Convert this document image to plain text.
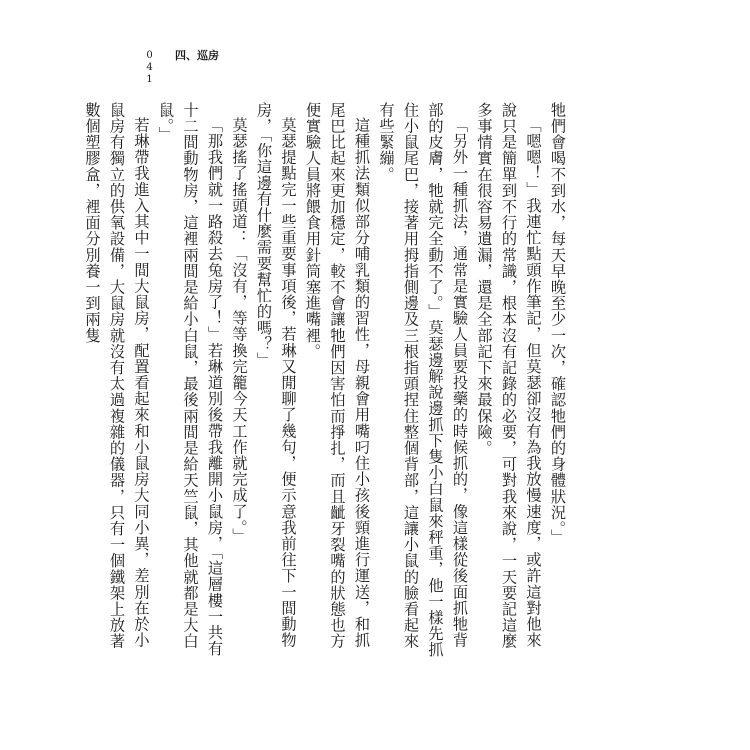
041 四、巡房

牠們會喝不到水，每天早晚至少一次，確認牠們的身體狀況。」

「嗯嗯！」我連忙點頭作筆記，但莫瑟卻沒有為我放慢速度，或許這對他來說只是簡單到不行的常識，根本沒有記錄的必要，可對我來說，一天要記這麼多事情實在很容易遺漏，還是全部記下來最保險。

「另外一種抓法，通常是實驗人員要投藥的時候抓的，像這樣從後面抓牠背部的皮膚，牠就完全動不了。」莫瑟邊解說邊抓下隻小白鼠來秤重，他一樣先抓住小鼠尾巴，接著用拇指側邊及三根指頭捏住整個背部，這讓小鼠的臉看起來有些緊繃。

這種抓法類似部分哺乳類的習性，母親會用嘴叼住小孩後頸進行運送，和抓尾巴比起來更加穩定，較不會讓牠們因害怕而掙扎，而且齜牙裂嘴的狀態也方便實驗人員將餵食用針筒塞進嘴裡。

莫瑟提點完一些重要事項後，若琳又閒聊了幾句，便示意我前往下一間動物房，「你這邊有什麼需要幫忙的嗎？」

莫瑟搖了搖頭道：「沒有，等等換完籠今天工作就完成了。」

「那我們就一路殺去兔房了！」若琳道別後帶我離開小鼠房，「這層樓一共有十二間動物房，這裡兩間是給小白鼠，最後兩間是給天竺鼠，其他就都是大白鼠。」

若琳帶我進入其中一間大鼠房，配置看起來和小鼠房大同小異，差別在於小鼠房有獨立的供氧設備，大鼠房就沒有太過複雜的儀器，只有一個鐵架上放著數個塑膠盒，裡面分別養一到兩隻
